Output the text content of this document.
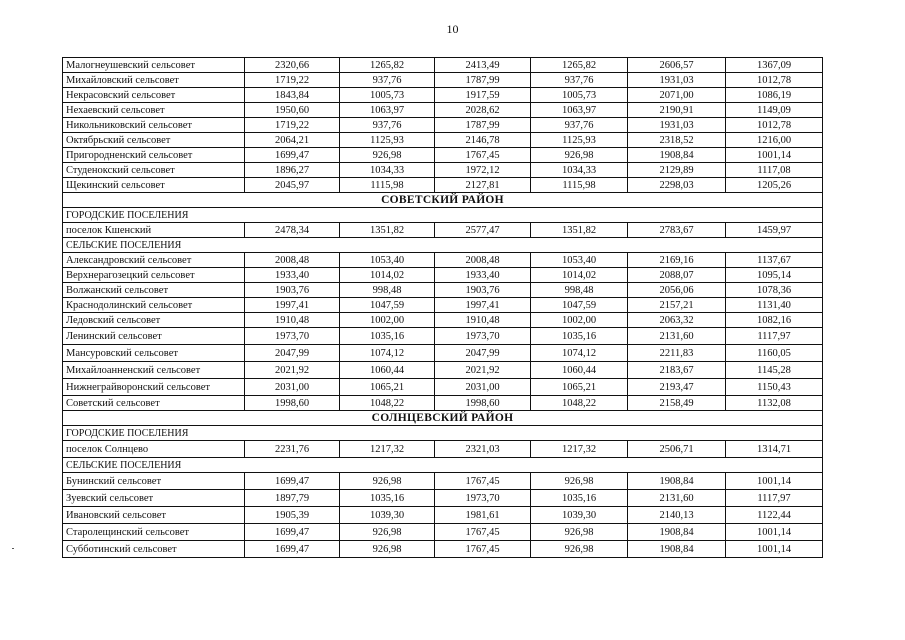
10
Малогнеушевский сельсовет	2320,66	1265,82	2413,49	1265,82	2606,57	1367,09
Михайловский сельсовет	1719,22	937,76	1787,99	937,76	1931,03	1012,78
Некрасовский сельсовет	1843,84	1005,73	1917,59	1005,73	2071,00	1086,19
Нехаевский сельсовет	1950,60	1063,97	2028,62	1063,97	2190,91	1149,09
Никольниковский сельсовет	1719,22	937,76	1787,99	937,76	1931,03	1012,78
Октябрьский сельсовет	2064,21	1125,93	2146,78	1125,93	2318,52	1216,00
Пригородненский сельсовет	1699,47	926,98	1767,45	926,98	1908,84	1001,14
Студенокский сельсовет	1896,27	1034,33	1972,12	1034,33	2129,89	1117,08
Щекинский сельсовет	2045,97	1115,98	2127,81	1115,98	2298,03	1205,26
СОВЕТСКИЙ РАЙОН						
ГОРОДСКИЕ ПОСЕЛЕНИЯ						
поселок Кшенский	2478,34	1351,82	2577,47	1351,82	2783,67	1459,97
СЕЛЬСКИЕ ПОСЕЛЕНИЯ						
Александровский сельсовет	2008,48	1053,40	2008,48	1053,40	2169,16	1137,67
Верхнерагозецкий сельсовет	1933,40	1014,02	1933,40	1014,02	2088,07	1095,14
Волжанский сельсовет	1903,76	998,48	1903,76	998,48	2056,06	1078,36
Краснодолинский сельсовет	1997,41	1047,59	1997,41	1047,59	2157,21	1131,40
Ледовский сельсовет	1910,48	1002,00	1910,48	1002,00	2063,32	1082,16
Ленинский сельсовет	1973,70	1035,16	1973,70	1035,16	2131,60	1117,97
Мансуровский сельсовет	2047,99	1074,12	2047,99	1074,12	2211,83	1160,05
Михайлоанненский сельсовет	2021,92	1060,44	2021,92	1060,44	2183,67	1145,28
Нижнеграйворонский сельсовет	2031,00	1065,21	2031,00	1065,21	2193,47	1150,43
Советский сельсовет	1998,60	1048,22	1998,60	1048,22	2158,49	1132,08
СОЛНЦЕВСКИЙ РАЙОН						
ГОРОДСКИЕ ПОСЕЛЕНИЯ						
поселок Солнцево	2231,76	1217,32	2321,03	1217,32	2506,71	1314,71
СЕЛЬСКИЕ ПОСЕЛЕНИЯ						
Бунинский сельсовет	1699,47	926,98	1767,45	926,98	1908,84	1001,14
Зуевский сельсовет	1897,79	1035,16	1973,70	1035,16	2131,60	1117,97
Ивановский сельсовет	1905,39	1039,30	1981,61	1039,30	2140,13	1122,44
Старолещинский сельсовет	1699,47	926,98	1767,45	926,98	1908,84	1001,14
Субботинский сельсовет	1699,47	926,98	1767,45	926,98	1908,84	1001,14
